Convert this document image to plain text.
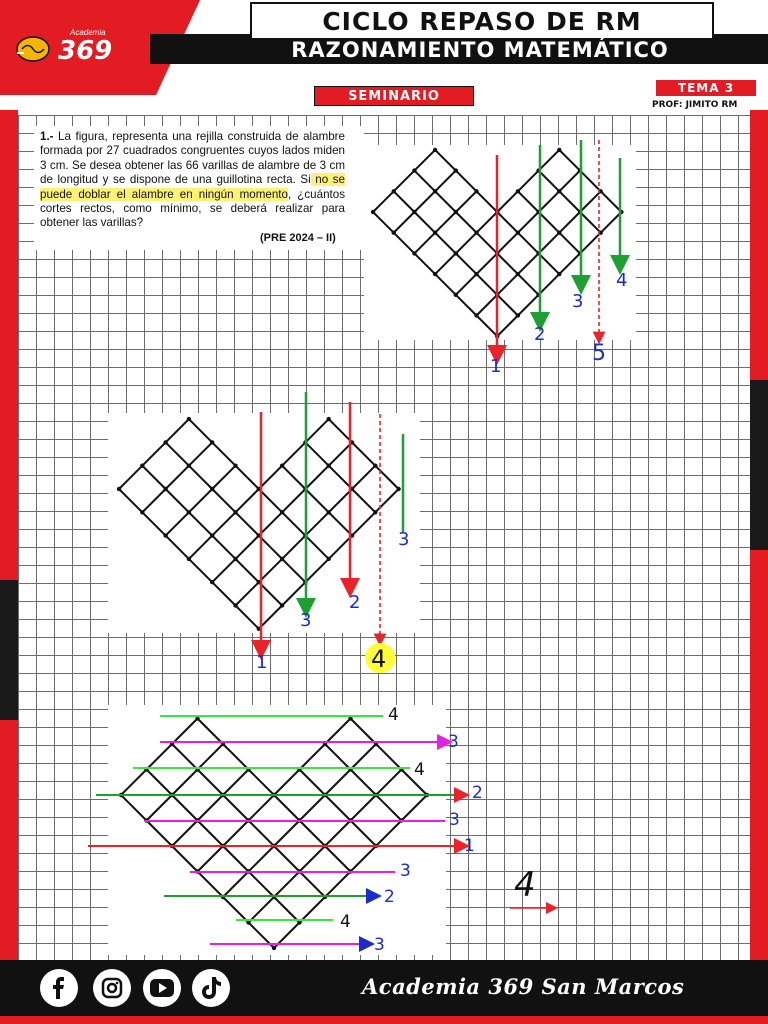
CICLO REPASO DE RM
RAZONAMIENTO MATEMÁTICO
Academia
369
SEMINARIO
TEMA 3
PROF: JIMITO RM
1.- La figura, representa una rejilla construida de alambre formada por 27 cuadrados congruentes cuyos lados miden 3 cm. Se desea obtener las 66 varillas de alambre de 3 cm de longitud y se dispone de una guillotina recta. Si no se puede doblar el alambre en ningún momento, ¿cuántos cortes rectos, como mínimo, se deberá realizar para obtener las varillas?
(PRE 2024 – II)
1
2
3
5
4
1
3
2
3
4
4
3
4
2
3
1
3
2
4
3
4
Academia 369 San Marcos
